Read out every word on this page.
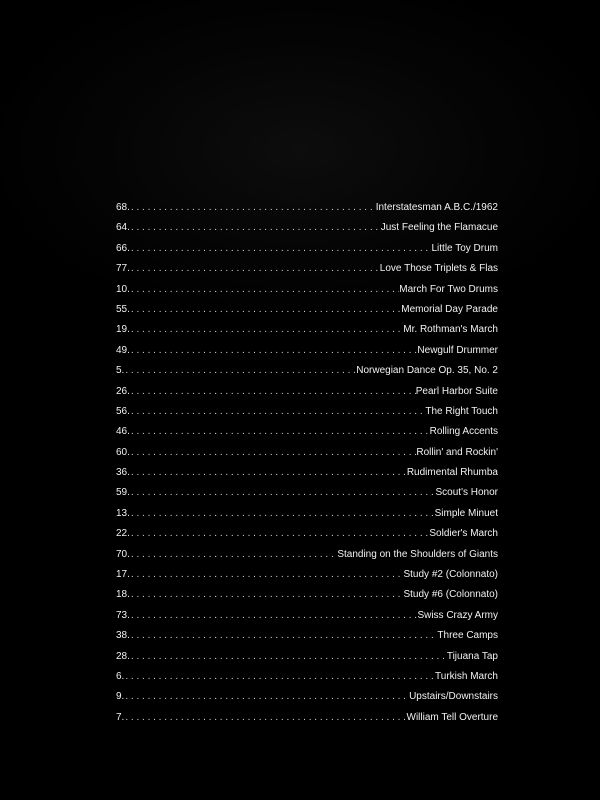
68. . . .	Interstatesman A.B.C./1962
64. . . .	Just Feeling the Flamacue
66. . . .	Little Toy Drum
77. . . .	Love Those Triplets & Flas
10. . . .	March For Two Drums
55. . . .	Memorial Day Parade
19. . . .	Mr. Rothman's March
49. . . .	Newgulf Drummer
5. . . .	Norwegian Dance Op. 35, No. 2
26. . . .	Pearl Harbor Suite
56. . . .	The Right Touch
46. . . .	Rolling Accents
60. . . .	Rollin' and Rockin'
36. . . .	Rudimental Rhumba
59. . . .	Scout's Honor
13. . . .	Simple Minuet
22. . . .	Soldier's March
70. . . .	Standing on the Shoulders of Giants
17. . . .	Study #2 (Colonnato)
18. . . .	Study #6 (Colonnato)
73. . . .	Swiss Crazy Army
38. . . .	Three Camps
28. . . .	Tijuana Tap
6. . . .	Turkish March
9. . . .	Upstairs/Downstairs
7. . . .	William Tell Overture
